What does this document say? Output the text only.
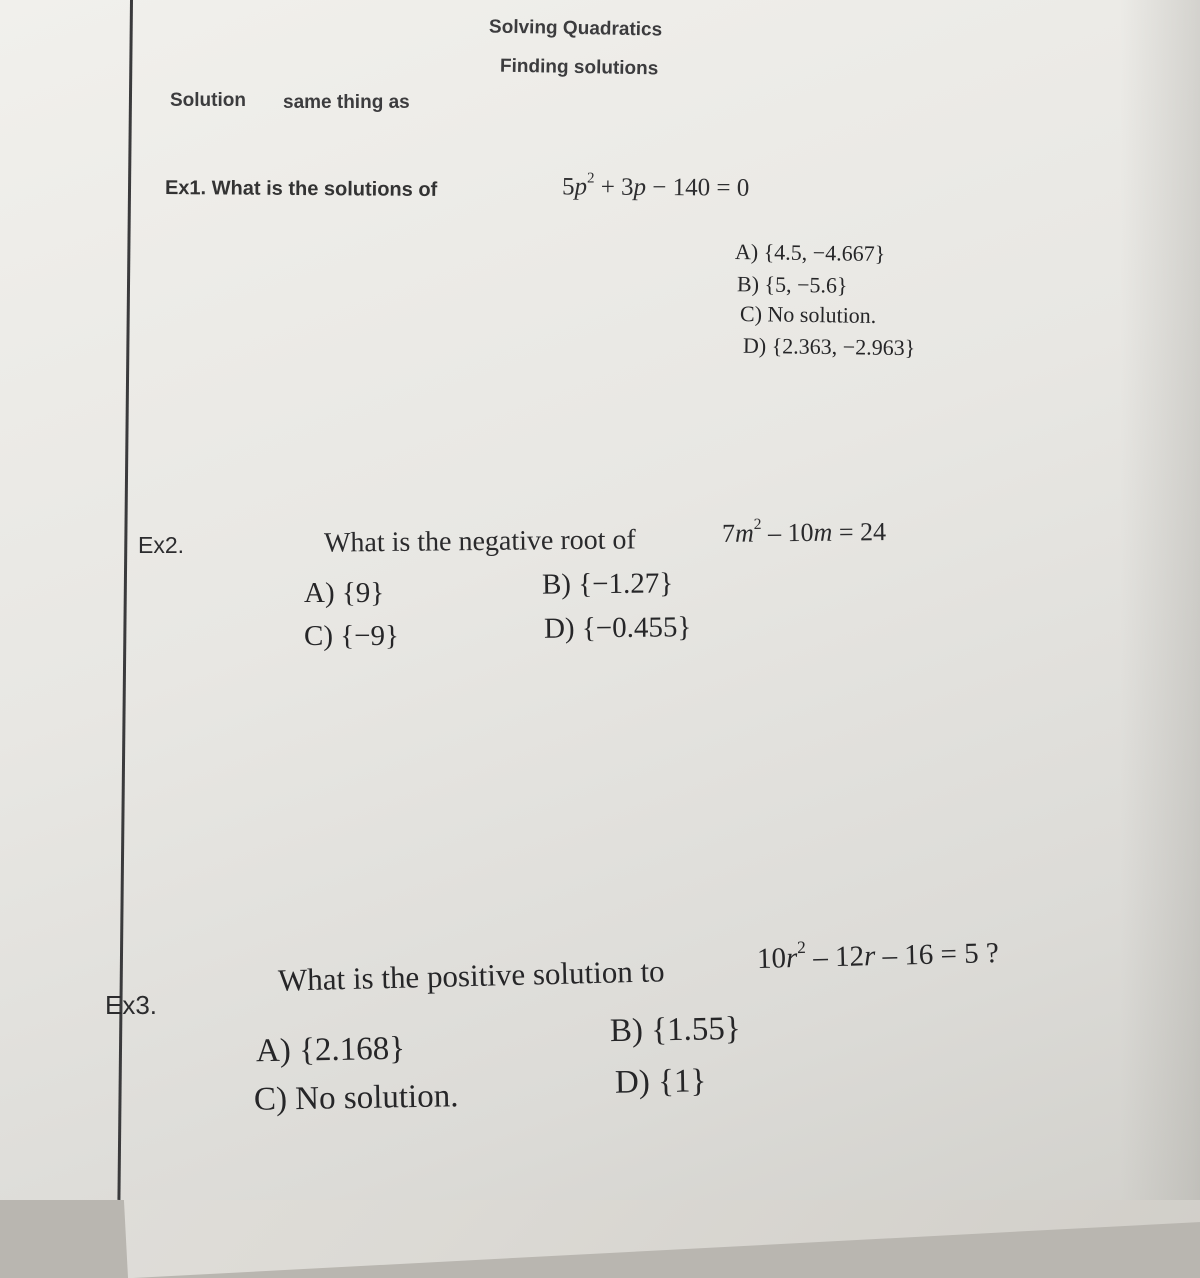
Solving Quadratics
Finding solutions
Solution same thing as
Ex1. What is the solutions of	$5p^2 + 3p - 140 = 0$
A) {4.5, −4.667}
B) {5, −5.6}
C) No solution.
D) {2.363, −2.963}
Ex2.	What is the negative root of	$7m^2 - 10m = 24$
A) {9}	B) {−1.27}
C) {−9}	D) {−0.455}
Ex3.
What is the positive solution to	$10r^2 - 12r - 16 = 5$ ?
A) {2.168}	B) {1.55}
C) No solution.	D) {1}
